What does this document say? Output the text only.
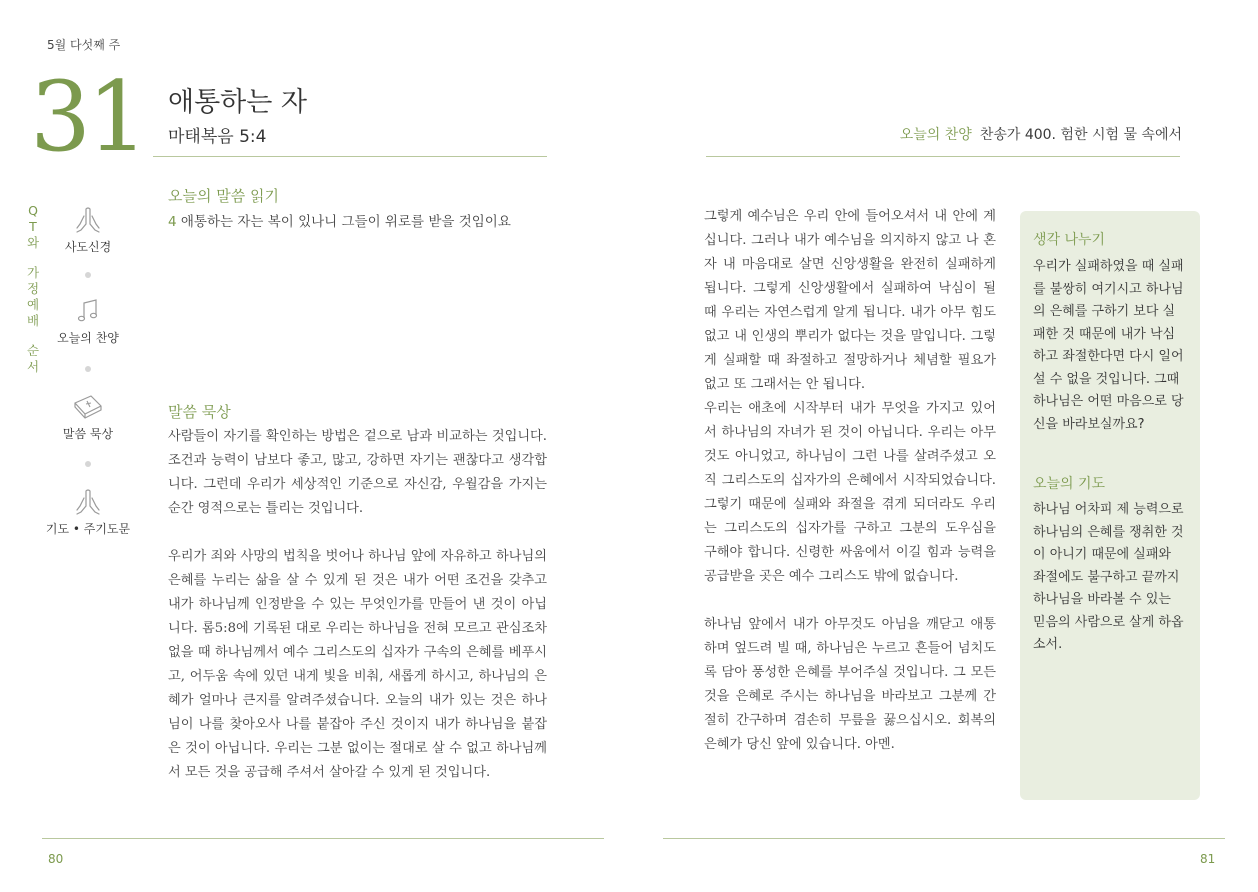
5월 다섯째 주
31 애통하는 자
마태복음 5:4
Q
T
와
가
정
예
배
순
서
사도신경
오늘의 찬양
말씀 묵상
기도 • 주기도문
오늘의 말씀 읽기
4 애통하는 자는 복이 있나니 그들이 위로를 받을 것임이요
말씀 묵상

사람들이 자기를 확인하는 방법은 겉으로 남과 비교하는 것입니다. 조건과 능력이 남보다 좋고, 많고, 강하면 자기는 괜찮다고 생각합니다. 그런데 우리가 세상적인 기준으로 자신감, 우월감을 가지는 순간 영적으로는 틀리는 것입니다.

우리가 죄와 사망의 법칙을 벗어나 하나님 앞에 자유하고 하나님의 은혜를 누리는 삶을 살 수 있게 된 것은 내가 어떤 조건을 갖추고 내가 하나님께 인정받을 수 있는 무엇인가를 만들어 낸 것이 아닙니다. 롬5:8에 기록된 대로 우리는 하나님을 전혀 모르고 관심조차 없을 때 하나님께서 예수 그리스도의 십자가 구속의 은혜를 베푸시고, 어두움 속에 있던 내게 빛을 비춰, 새롭게 하시고, 하나님의 은혜가 얼마나 큰지를 알려주셨습니다. 오늘의 내가 있는 것은 하나님이 나를 찾아오사 나를 붙잡아 주신 것이지 내가 하나님을 붙잡은 것이 아닙니다. 우리는 그분 없이는 절대로 살 수 없고 하나님께서 모든 것을 공급해 주셔서 살아갈 수 있게 된 것입니다.

80
오늘의 찬양 찬송가 400. 험한 시험 물 속에서

그렇게 예수님은 우리 안에 들어오셔서 내 안에 계십니다. 그러나 내가 예수님을 의지하지 않고 나 혼자 내 마음대로 살면 신앙생활을 완전히 실패하게 됩니다. 그렇게 신앙생활에서 실패하여 낙심이 될 때 우리는 자연스럽게 알게 됩니다. 내가 아무 힘도 없고 내 인생의 뿌리가 없다는 것을 말입니다. 그렇게 실패할 때 좌절하고 절망하거나 체념할 필요가 없고 또 그래서는 안 됩니다.

우리는 애초에 시작부터 내가 무엇을 가지고 있어서 하나님의 자녀가 된 것이 아닙니다. 우리는 아무것도 아니었고, 하나님이 그런 나를 살려주셨고 오직 그리스도의 십자가의 은혜에서 시작되었습니다. 그렇기 때문에 실패와 좌절을 겪게 되더라도 우리는 그리스도의 십자가를 구하고 그분의 도우심을 구해야 합니다. 신령한 싸움에서 이길 힘과 능력을 공급받을 곳은 예수 그리스도 밖에 없습니다.

하나님 앞에서 내가 아무것도 아님을 깨닫고 애통하며 엎드려 빌 때, 하나님은 누르고 흔들어 넘치도록 담아 풍성한 은혜를 부어주실 것입니다. 그 모든 것을 은혜로 주시는 하나님을 바라보고 그분께 간절히 간구하며 겸손히 무릎을 꿇으십시오. 회복의 은혜가 당신 앞에 있습니다. 아멘.

생각 나누기
우리가 실패하였을 때 실패를 불쌍히 여기시고 하나님의 은혜를 구하기 보다 실패한 것 때문에 내가 낙심하고 좌절한다면 다시 일어설 수 없을 것입니다. 그때 하나님은 어떤 마음으로 당신을 바라보실까요?
오늘의 기도
하나님 어차피 제 능력으로 하나님의 은혜를 쟁취한 것이 아니기 때문에 실패와 좌절에도 불구하고 끝까지 하나님을 바라볼 수 있는 믿음의 사람으로 살게 하옵소서.
81
